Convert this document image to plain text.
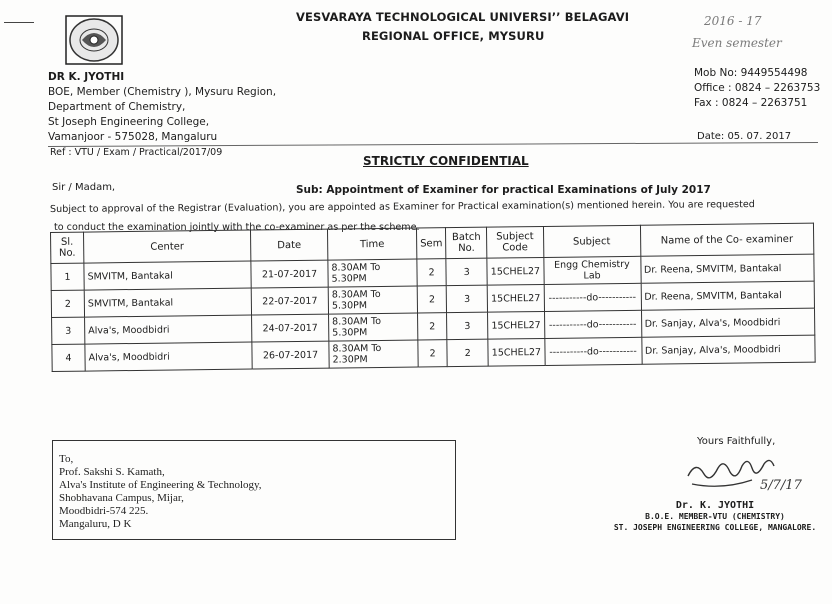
VESVARAYA TECHNOLOGICAL UNIVERSI’’ BELAGAVI
REGIONAL OFFICE, MYSURU
2016 - 17
Even semester
DR K. JYOTHI
BOE, Member (Chemistry ), Mysuru Region,
Department of Chemistry,
St Joseph Engineering College,
Vamanjoor - 575028, Mangaluru
Mob No: 9449554498
Office : 0824 – 2263753
Fax : 0824 – 2263751
Ref : VTU / Exam / Practical/2017/09
Date: 05. 07. 2017
STRICTLY CONFIDENTIAL
Sir / Madam,	Sub: Appointment of Examiner for practical Examinations of July 2017
Subject to approval of the Registrar (Evaluation), you are appointed as Examiner for Practical examination(s) mentioned herein. You are requested
to conduct the examination jointly with the co-examiner as per the scheme.
Sl. No.	Center	Date	Time	Sem	Batch No.	Subject Code	Subject	Name of the Co- examiner
1	SMVITM, Bantakal	21-07-2017	8.30AM To 5.30PM	2	3	15CHEL27	Engg Chemistry Lab	Dr. Reena, SMVITM, Bantakal
2	SMVITM, Bantakal	22-07-2017	8.30AM To 5.30PM	2	3	15CHEL27	-----------do-----------	Dr. Reena, SMVITM, Bantakal
3	Alva's, Moodbidri	24-07-2017	8.30AM To 5.30PM	2	3	15CHEL27	-----------do-----------	Dr. Sanjay, Alva's, Moodbidri
4	Alva's, Moodbidri	26-07-2017	8.30AM To 2.30PM	2	2	15CHEL27	-----------do-----------	Dr. Sanjay, Alva's, Moodbidri
To,
Prof. Sakshi S. Kamath,
Alva's Institute of Engineering & Technology,
Shobhavana Campus, Mijar,
Moodbidri-574 225.
Mangaluru, D K
Yours Faithfully,
5/7/17
Dr. K. JYOTHI
B.O.E. MEMBER-VTU (CHEMISTRY)
ST. JOSEPH ENGINEERING COLLEGE, MANGALORE.
